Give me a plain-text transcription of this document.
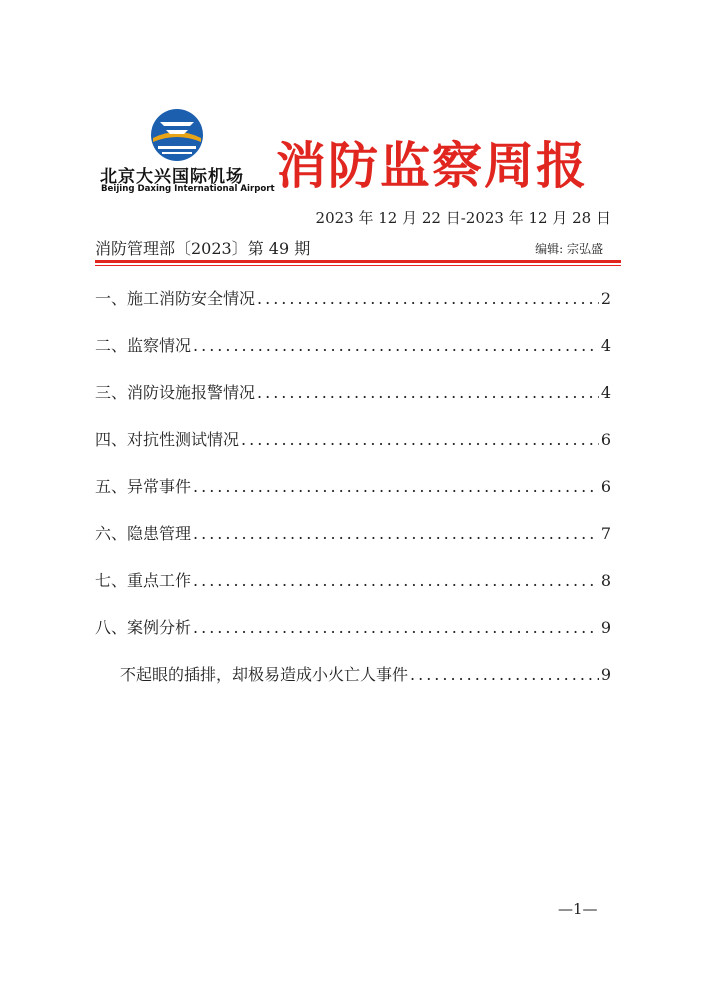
北京大兴国际机场
Beijing Daxing International Airport 消防监察周报
2023 年 12 月 22 日-2023 年 12 月 28 日
消防管理部〔2023〕第 49 期	编辑: 宗弘盛
一、施工消防安全情况 .....	2
二、监察情况 .....	4
三、消防设施报警情况 .....	4
四、对抗性测试情况 .....	6
五、异常事件 .....	6
六、隐患管理 .....	7
七、重点工作 .....	8
八、案例分析 .....	9
不起眼的插排，却极易造成小火亡人事件 .....	9
—1—
